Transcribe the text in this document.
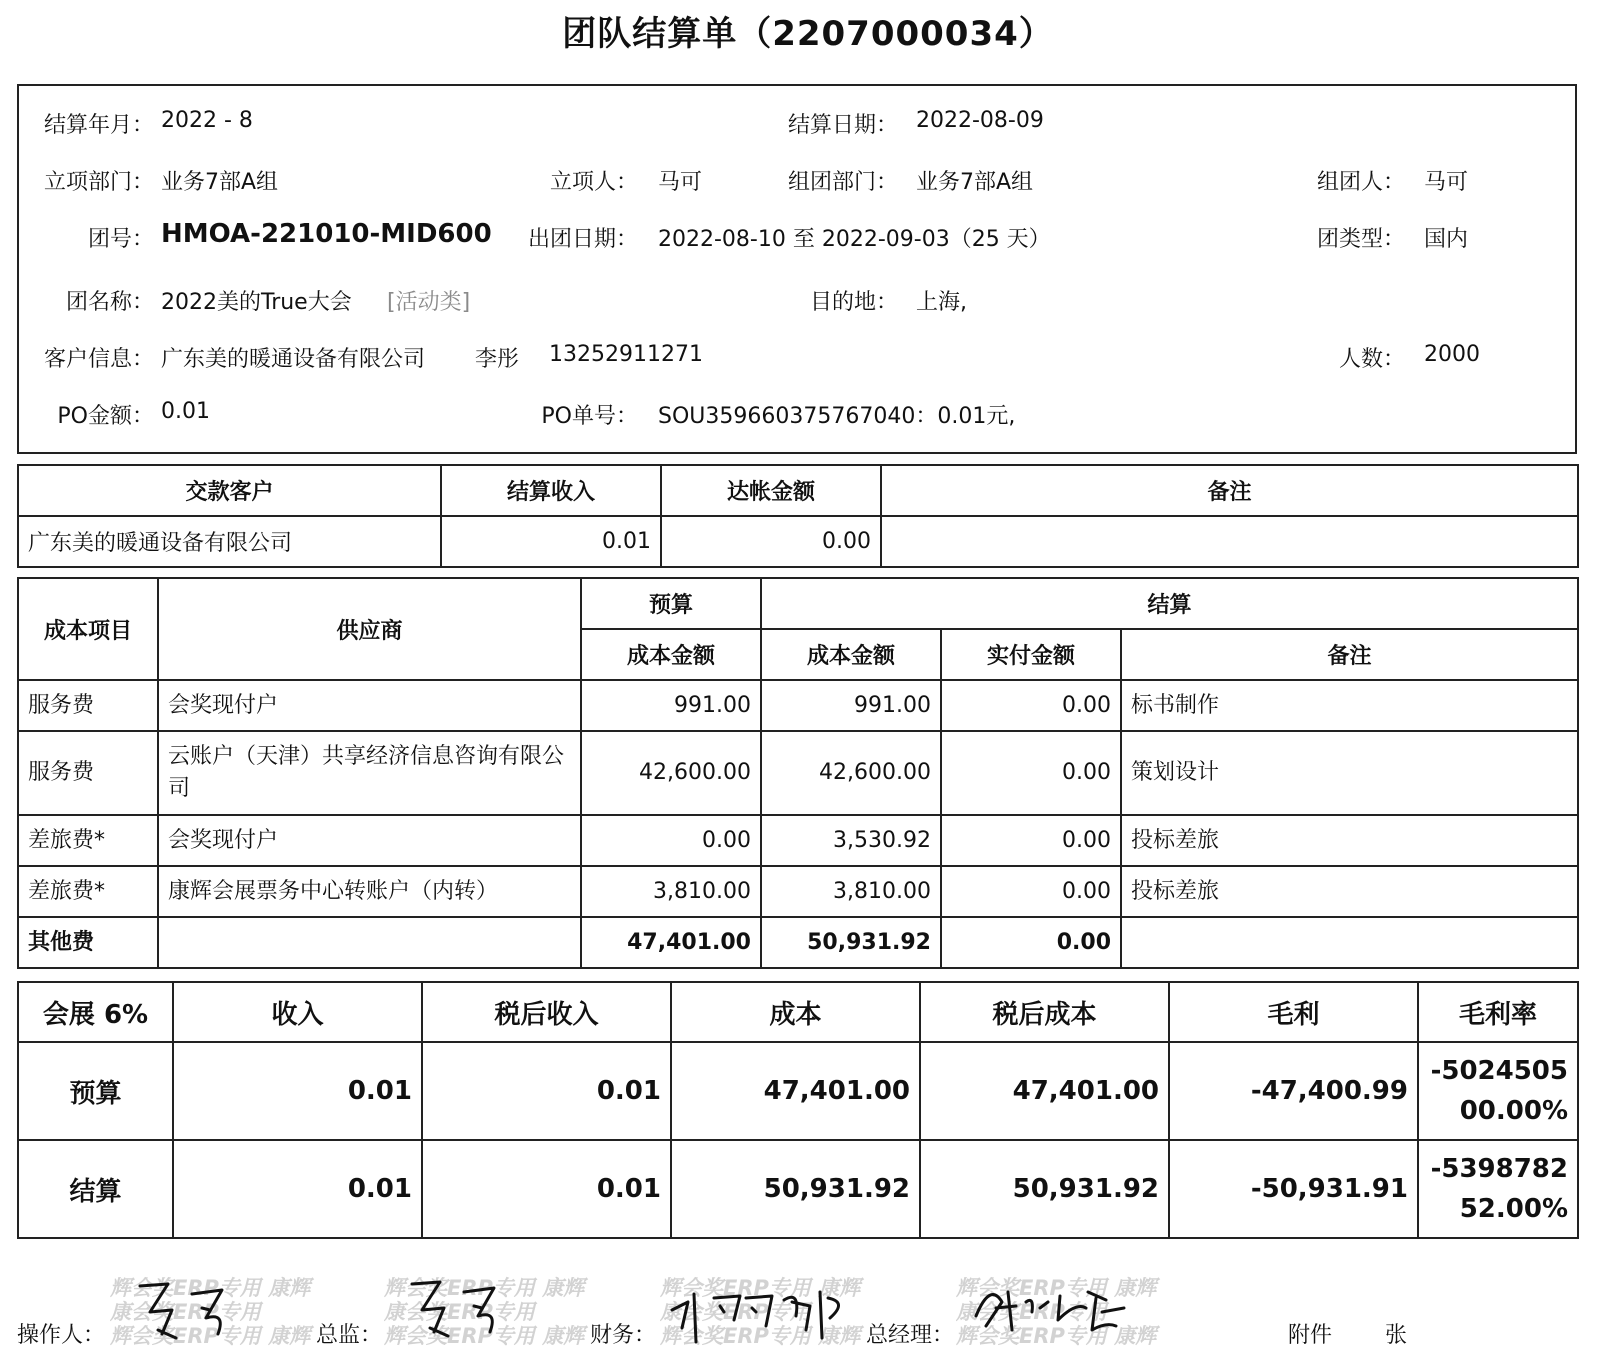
团队结算单（2207000034）
结算年月： 2022 - 8	结算日期： 2022-08-09
立项部门： 业务7部A组	立项人： 马可	组团部门： 业务7部A组	组团人： 马可
团号： HMOA-221010-MID600 出团日期： 2022-08-10 至 2022-09-03（25 天）	团类型： 国内
团名称： 2022美的True大会 [活动类]	目的地： 上海,
客户信息： 广东美的暖通设备有限公司 李彤 13252911271	人数： 2000
PO金额： 0.01	PO单号： SOU359660375767040：0.01元,
交款客户	结算收入	达帐金额	备注
广东美的暖通设备有限公司	0.01	0.00	
成本项目	供应商	预算	结算		
		成本金额	成本金额	实付金额	备注
服务费	会奖现付户	991.00	991.00	0.00	标书制作
服务费	云账户（天津）共享经济信息咨询有限公司	42,600.00	42,600.00	0.00	策划设计
差旅费*	会奖现付户	0.00	3,530.92	0.00	投标差旅
差旅费*	康辉会展票务中心转账户（内转）	3,810.00	3,810.00	0.00	投标差旅
其他费		47,401.00	50,931.92	0.00	
会展 6%	收入	税后收入	成本	税后成本	毛利	毛利率
预算	0.01	0.01	47,401.00	47,401.00	-47,400.99	-5024505
00.00%

结算	0.01	0.01	50,931.92	50,931.92	-50,931.91	-5398782
52.00%
操作人：	总监：	财务：	总经理：	附件 张
辉会奖ERP专用 康辉
康会奖ERP专用
辉会奖ERP专用 康辉
辉会奖ERP专用 康辉
康会奖ERP专用
辉会奖ERP专用 康辉
辉会奖ERP专用 康辉
康会奖ERP专用
辉会奖ERP专用 康辉
辉会奖ERP专用 康辉
康会奖ERP专用
辉会奖ERP专用 康辉
